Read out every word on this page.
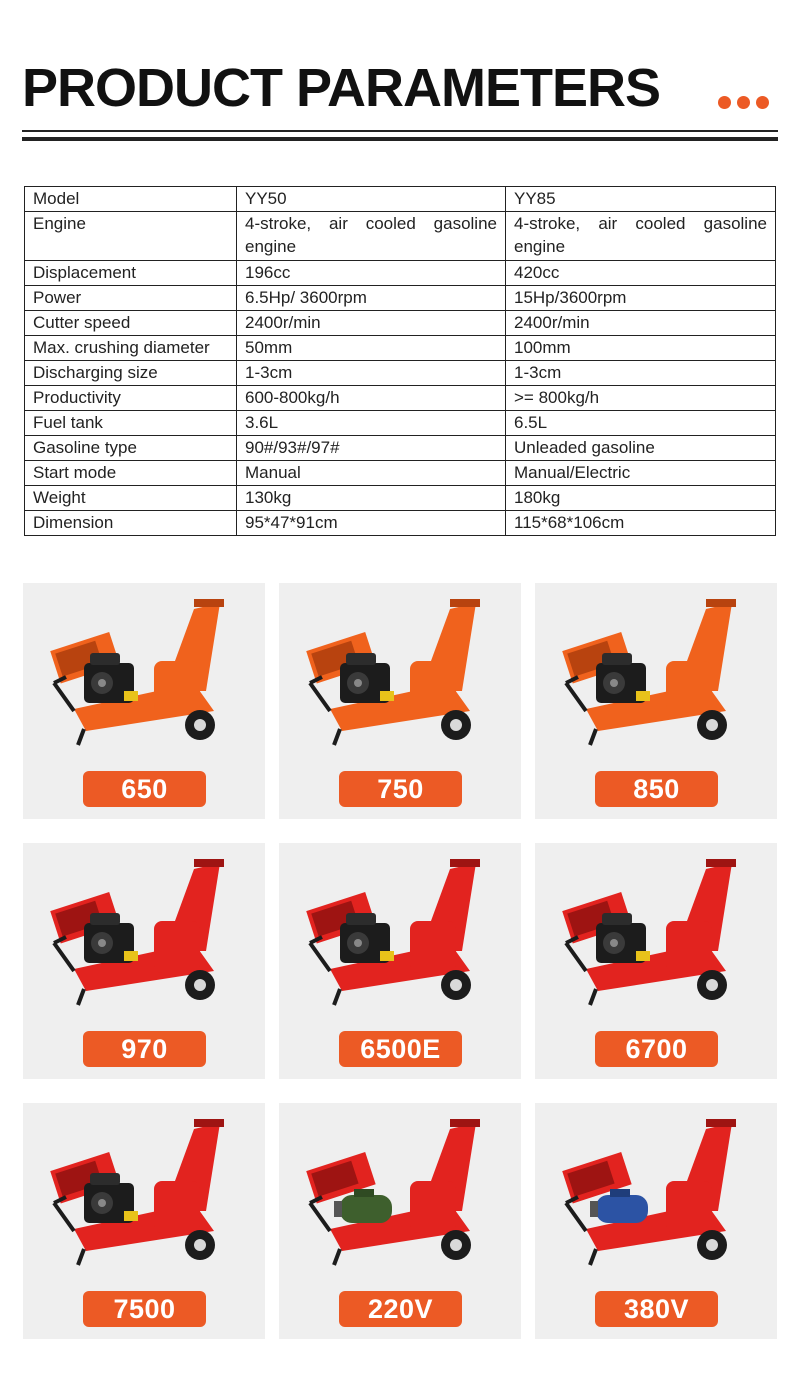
PRODUCT PARAMETERS
Model	YY50	YY85
Engine	4-stroke, air cooled gasoline engine	4-stroke, air cooled gasoline engine
Displacement	196cc	420cc
Power	6.5Hp/ 3600rpm	15Hp/3600rpm
Cutter speed	2400r/min	2400r/min
Max. crushing diameter	50mm	100mm
Discharging size	1-3cm	1-3cm
Productivity	600-800kg/h	>= 800kg/h
Fuel tank	3.6L	6.5L
Gasoline type	90#/93#/97#	Unleaded gasoline
Start mode	Manual	Manual/Electric
Weight	130kg	180kg
Dimension	95*47*91cm	115*68*106cm
650	750	850
970	6500E	6700
7500	220V	380V
